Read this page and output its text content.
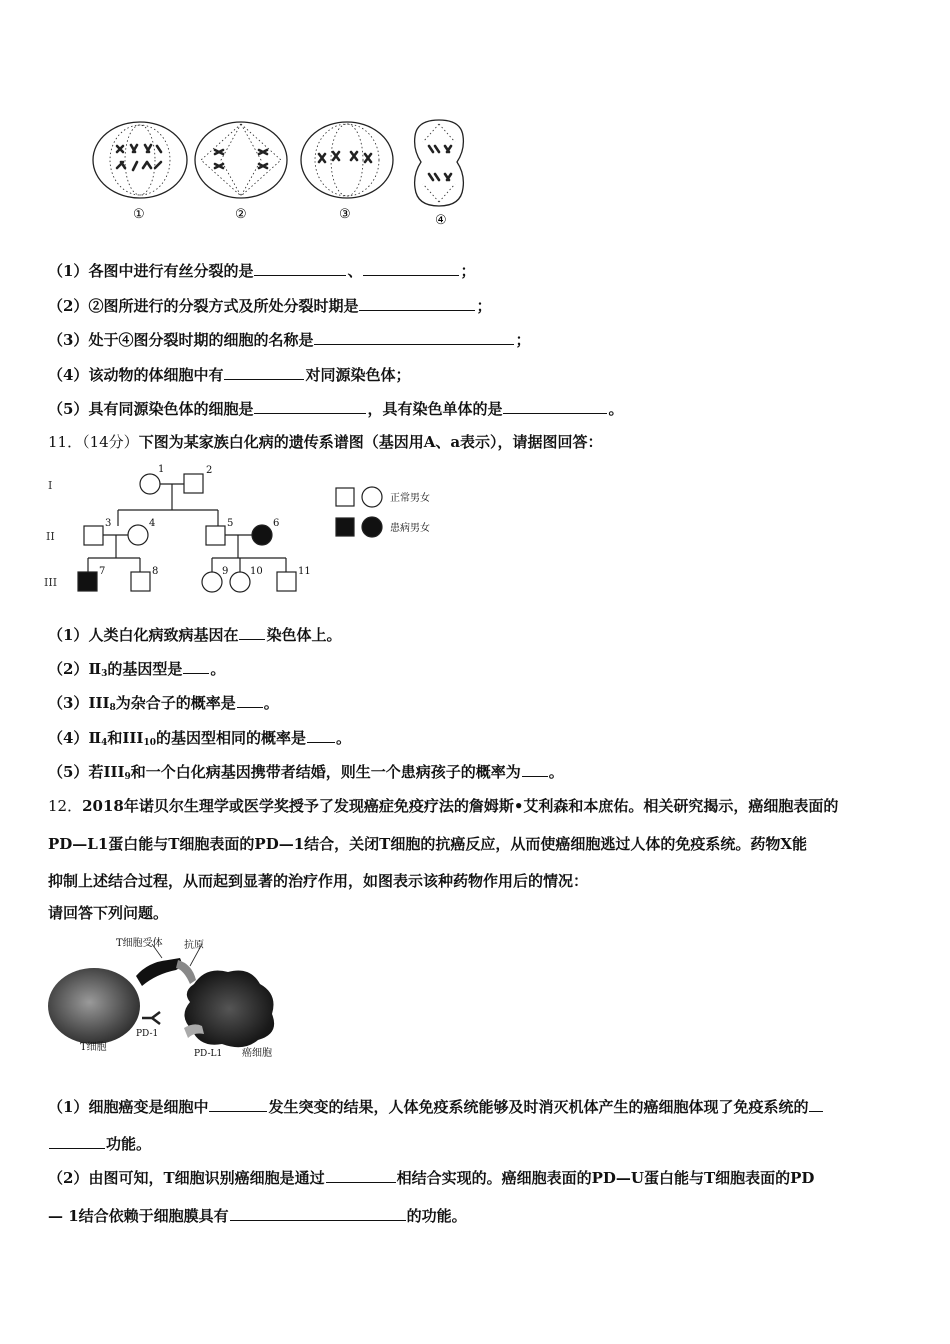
①	②	③	④
（1）各图中进行有丝分裂的是	、	；
（2）②图所进行的分裂方式及所处分裂时期是	；
（3）处于④图分裂时期的细胞的名称是	；
（4）该动物的体细胞中有	对同源染色体；
（5）具有同源染色体的细胞是	，具有染色单体的是	。
11．（14分）下图为某家族白化病的遗传系谱图（基因用A、a表示），请据图回答：
I
II
III
1	2
3	4	5	6
7	8	9 10	11
正常男女
患病男女
（1）人类白化病致病基因在 染色体上。
$(2)Ⅱ_3$的基因型是 。
$(3)III_8$为杂合子的概率是 。
$(4)Ⅱ_4$和$III_{10}$的基因型相同的概率是 。
（5）若$III_9$和一个白化病基因携带者结婚，则生一个患病孩子的概率为 。
12．2018年诺贝尔生理学或医学奖授予了发现癌症免疫疗法的詹姆斯•艾利森和本庶佑。相关研究揭示，癌细胞表面的
PD—L1蛋白能与T细胞表面的PD—1结合，关闭T细胞的抗癌反应，从而使癌细胞逃过人体的免疫系统。药物X能
抑制上述结合过程，从而起到显著的治疗作用，如图表示该种药物作用后的情况：
请回答下列问题。
T细胞受体 抗原
PD-1
T细胞
PD-L1 癌细胞
（1）细胞癌变是细胞中	发生突变的结果，人体免疫系统能够及时消灭机体产生的癌细胞体现了免疫系统的
功能。
（2）由图可知，T细胞识别癌细胞是通过	相结合实现的。癌细胞表面的PD—U蛋白能与T细胞表面的PD
— 1结合依赖于细胞膜具有	的功能。
